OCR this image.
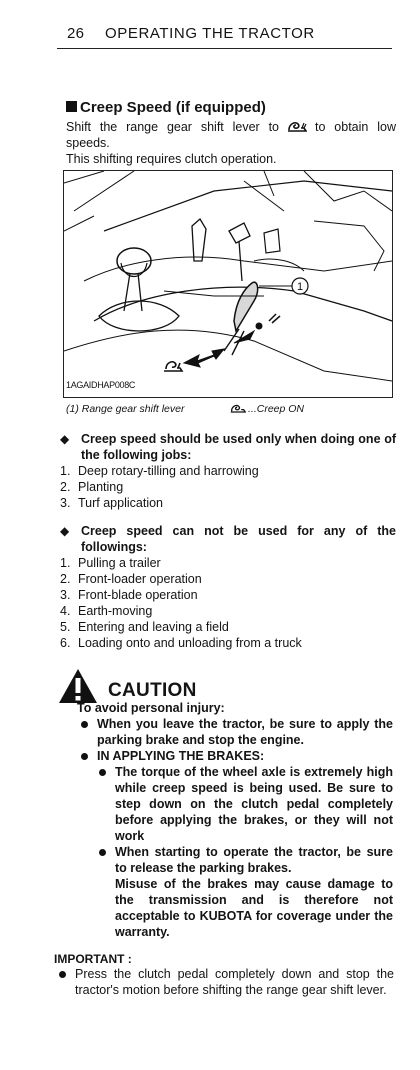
26 OPERATING THE TRACTOR
Creep Speed (if equipped)
Shift the range gear shift lever to	to obtain low speeds.
This shifting requires clutch operation.
1
1AGAIDHAP008C
(1) Range gear shift lever	...Creep ON
◆ Creep speed should be used only when doing one of the following jobs:
1. Deep rotary-tilling and harrowing
2. Planting
3. Turf application
◆ Creep speed can not be used for any of the followings:
1. Pulling a trailer
2. Front-loader operation
3. Front-blade operation
4. Earth-moving
5. Entering and leaving a field
6. Loading onto and unloading from a truck
CAUTION

To avoid personal injury:

When you leave the tractor, be sure to apply the parking brake and stop the engine.
IN APPLYING THE BRAKES:
The torque of the wheel axle is extremely high while creep speed is being used. Be sure to step down on the clutch pedal completely before applying the brakes, or they will not work
When starting to operate the tractor, be sure to release the parking brakes.
Misuse of the brakes may cause damage to the transmission and is therefore not acceptable to KUBOTA for coverage under the warranty.
IMPORTANT :
Press the clutch pedal completely down and stop the tractor's motion before shifting the range gear shift lever.
